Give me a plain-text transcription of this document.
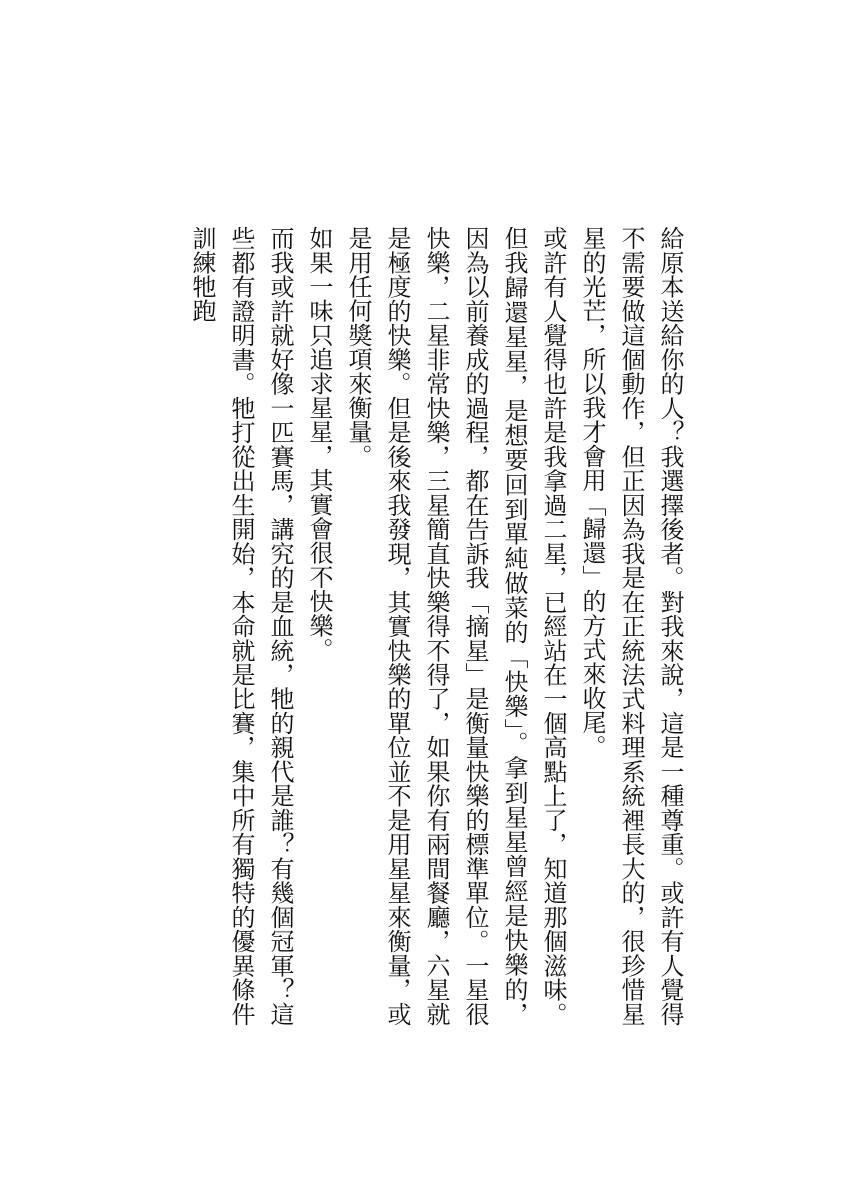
給原本送給你的人？我選擇後者。對我來說，這是一種尊重。或許有人覺得不需要做這個動作，但正因為我是在正統法式料理系統裡長大的，很珍惜星星的光芒，所以我才會用「歸還」的方式來收尾。

或許有人覺得也許是我拿過二星，已經站在一個高點上了，知道那個滋味。但我歸還星星，是想要回到單純做菜的「快樂」。拿到星星曾經是快樂的，因為以前養成的過程，都在告訴我「摘星」是衡量快樂的標準單位。一星很快樂，二星非常快樂，三星簡直快樂得不得了，如果你有兩間餐廳，六星就是極度的快樂。但是後來我發現，其實快樂的單位並不是用星星來衡量，或是用任何獎項來衡量。

如果一味只追求星星，其實會很不快樂。

而我或許就好像一匹賽馬，講究的是血統，牠的親代是誰？有幾個冠軍？這些都有證明書。牠打從出生開始，本命就是比賽，集中所有獨特的優異條件訓練牠跑
